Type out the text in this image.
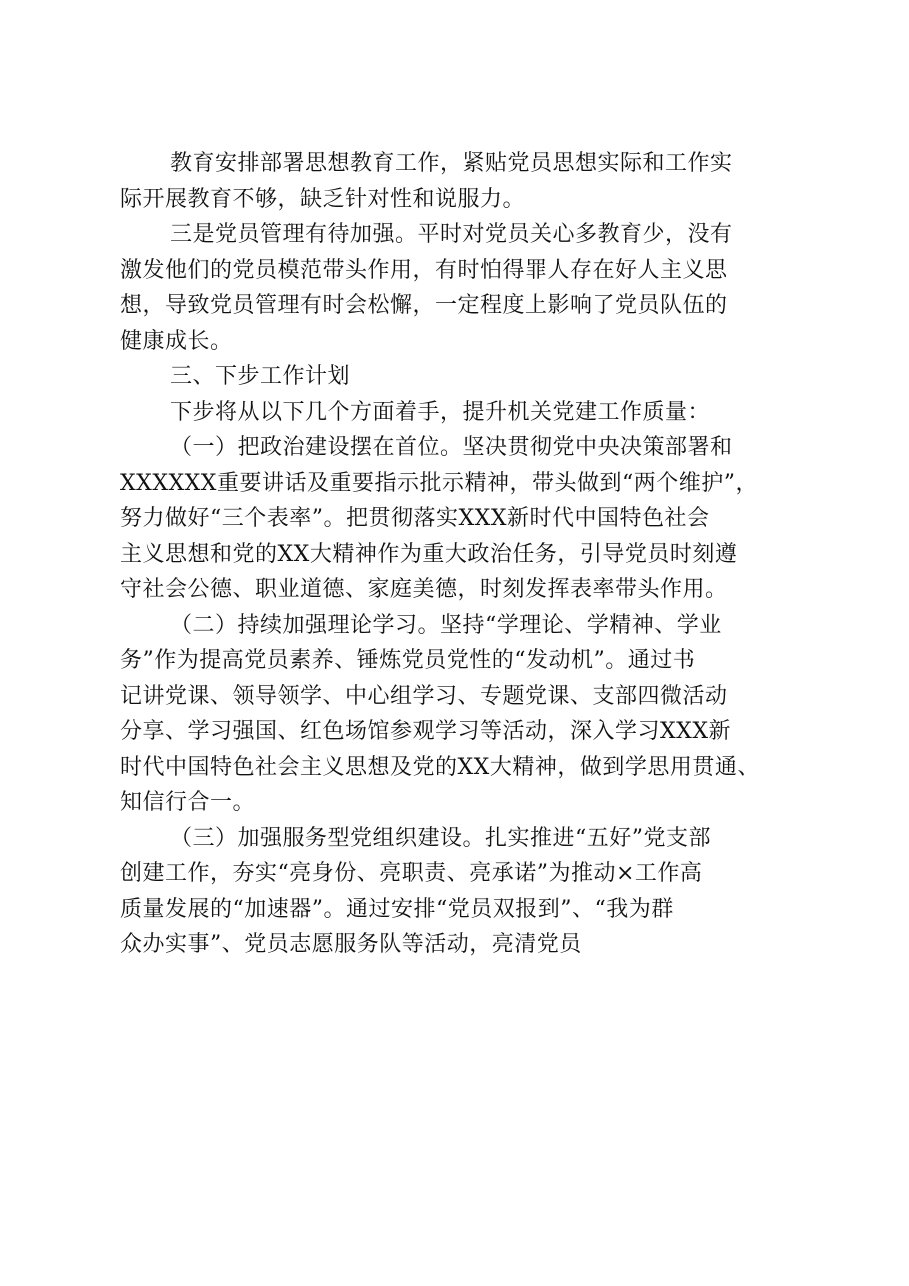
教育安排部署思想教育工作，紧贴党员思想实际和工作实
际开展教育不够，缺乏针对性和说服力。
三是党员管理有待加强。平时对党员关心多教育少，没有
激发他们的党员模范带头作用，有时怕得罪人存在好人主义思
想，导致党员管理有时会松懈，一定程度上影响了党员队伍的
健康成长。
三、下步工作计划
下步将从以下几个方面着手，提升机关党建工作质量：
（一）把政治建设摆在首位。坚决贯彻党中央决策部署和
XXXXXX重要讲话及重要指示批示精神，带头做到“两个维护”，
努力做好“三个表率”。把贯彻落实XXX新时代中国特色社会
主义思想和党的XX大精神作为重大政治任务，引导党员时刻遵
守社会公德、职业道德、家庭美德，时刻发挥表率带头作用。
（二）持续加强理论学习。坚持“学理论、学精神、学业
务”作为提高党员素养、锤炼党员党性的“发动机”。通过书
记讲党课、领导领学、中心组学习、专题党课、支部四微活动
分享、学习强国、红色场馆参观学习等活动，深入学习XXX新
时代中国特色社会主义思想及党的XX大精神，做到学思用贯通、
知信行合一。
（三）加强服务型党组织建设。扎实推进“五好”党支部
创建工作，夯实“亮身份、亮职责、亮承诺”为推动×工作高
质量发展的“加速器”。通过安排“党员双报到”、“我为群
众办实事”、党员志愿服务队等活动，亮清党员
